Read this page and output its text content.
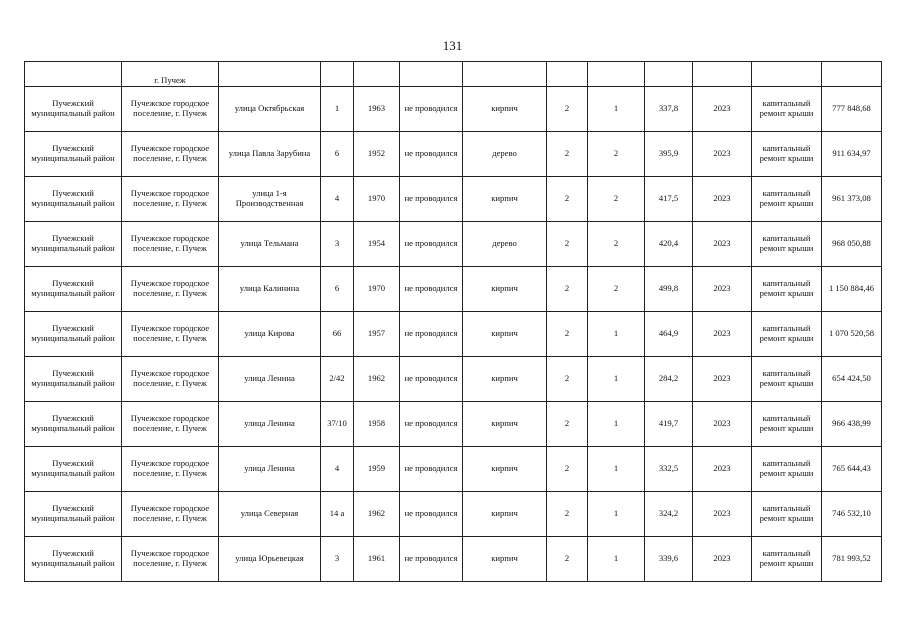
131
	г. Пучеж											
Пучежский муниципальный район	Пучежское городское поселение, г. Пучеж	улица Октябрьская	1	1963	не проводился	кирпич	2	1	337,8	2023	капитальный ремонт крыши	777 848,68
Пучежский муниципальный район	Пучежское городское поселение, г. Пучеж	улица Павла Зарубина	6	1952	не проводился	дерево	2	2	395,9	2023	капитальный ремонт крыши	911 634,97
Пучежский муниципальный район	Пучежское городское поселение, г. Пучеж	улица 1-я Производственная	4	1970	не проводился	кирпич	2	2	417,5	2023	капитальный ремонт крыши	961 373,08
Пучежский муниципальный район	Пучежское городское поселение, г. Пучеж	улица Тельмана	3	1954	не проводился	дерево	2	2	420,4	2023	капитальный ремонт крыши	968 050,88
Пучежский муниципальный район	Пучежское городское поселение, г. Пучеж	улица Калинина	6	1970	не проводился	кирпич	2	2	499,8	2023	капитальный ремонт крыши	1 150 884,46
Пучежский муниципальный район	Пучежское городское поселение, г. Пучеж	улица Кирова	66	1957	не проводился	кирпич	2	1	464,9	2023	капитальный ремонт крыши	1 070 520,58
Пучежский муниципальный район	Пучежское городское поселение, г. Пучеж	улица Ленина	2/42	1962	не проводился	кирпич	2	1	284,2	2023	капитальный ремонт крыши	654 424,50
Пучежский муниципальный район	Пучежское городское поселение, г. Пучеж	улица Ленина	37/10	1958	не проводился	кирпич	2	1	419,7	2023	капитальный ремонт крыши	966 438,99
Пучежский муниципальный район	Пучежское городское поселение, г. Пучеж	улица Ленина	4	1959	не проводился	кирпич	2	1	332,5	2023	капитальный ремонт крыши	765 644,43
Пучежский муниципальный район	Пучежское городское поселение, г. Пучеж	улица Северная	14 а	1962	не проводился	кирпич	2	1	324,2	2023	капитальный ремонт крыши	746 532,10
Пучежский муниципальный район	Пучежское городское поселение, г. Пучеж	улица Юрьевецкая	3	1961	не проводился	кирпич	2	1	339,6	2023	капитальный ремонт крыши	781 993,52
